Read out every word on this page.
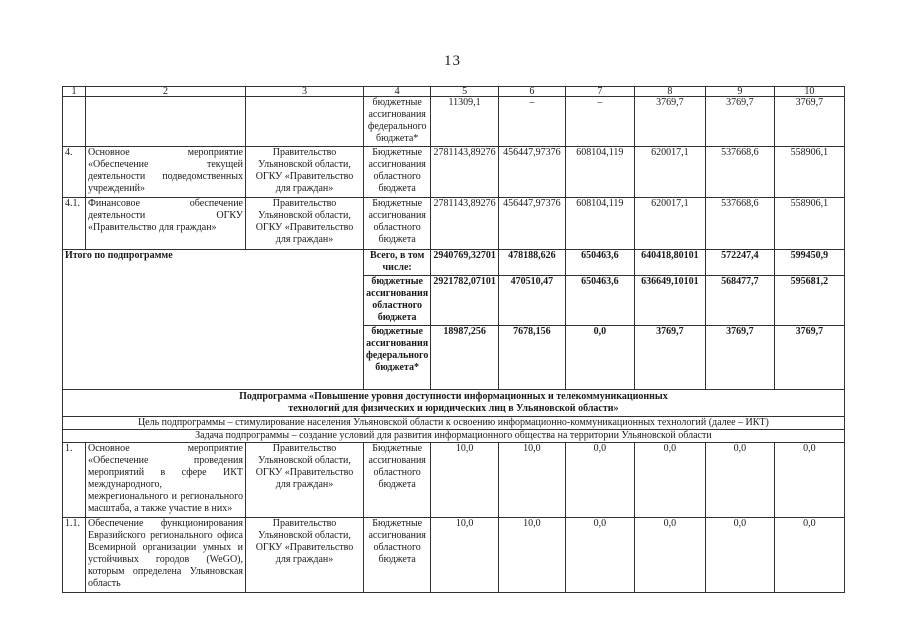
13
1	2	3	4	5	6	7	8	9	10
			бюджетные ассигнования федерального бюджета*	11309,1	–	–	3769,7	3769,7	3769,7
4.	Основное мероприятие «Обеспечение текущей деятельности подведомственных учреждений»	Правительство Ульяновской области, ОГКУ «Правительство для граждан»	Бюджетные ассигнования областного бюджета	2781143,89276	456447,97376	608104,119	620017,1	537668,6	558906,1
4.1.	Финансовое обеспечение деятельности ОГКУ «Правительство для граждан»	Правительство Ульяновской области, ОГКУ «Правительство для граждан»	Бюджетные ассигнования областного бюджета	2781143,89276	456447,97376	608104,119	620017,1	537668,6	558906,1
Итого по подпрограмме			Всего, в том числе:	2940769,32701	478188,626	650463,6	640418,80101	572247,4	599450,9
			бюджетные ассигнования областного бюджета	2921782,07101	470510,47	650463,6	636649,10101	568477,7	595681,2
			бюджетные ассигнования федерального бюджета*	18987,256	7678,156	0,0	3769,7	3769,7	3769,7
Подпрограмма «Повышение уровня доступности информационных и телекоммуникационных технологий для физических и юридических лиц в Ульяновской области»									
Цель подпрограммы – стимулирование населения Ульяновской области к освоению информационно-коммуникационных технологий (далее – ИКТ)									
Задача подпрограммы – создание условий для развития информационного общества на территории Ульяновской области									
1.	Основное мероприятие «Обеспечение проведения мероприятий в сфере ИКТ международного, межрегионального и регионального масштаба, а также участие в них»	Правительство Ульяновской области, ОГКУ «Правительство для граждан»	Бюджетные ассигнования областного бюджета	10,0	10,0	0,0	0,0	0,0	0,0
1.1.	Обеспечение функционирования Евразийского регионального офиса Всемирной организации умных и устойчивых городов (WeGO), которым определена Ульяновская область	Правительство Ульяновской области, ОГКУ «Правительство для граждан»	Бюджетные ассигнования областного бюджета	10,0	10,0	0,0	0,0	0,0	0,0
